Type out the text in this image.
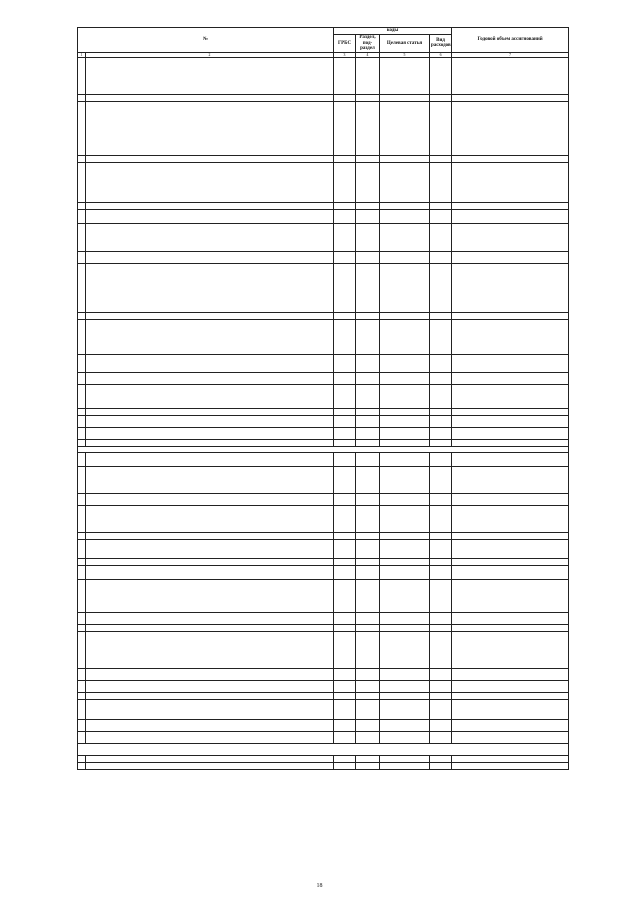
№		коды				Годовой объем ассигнований
		ГРБС	Раздел, под-раздел	Целевая статья	Вид расходов	
1	2	3	4	5	6	7

18
